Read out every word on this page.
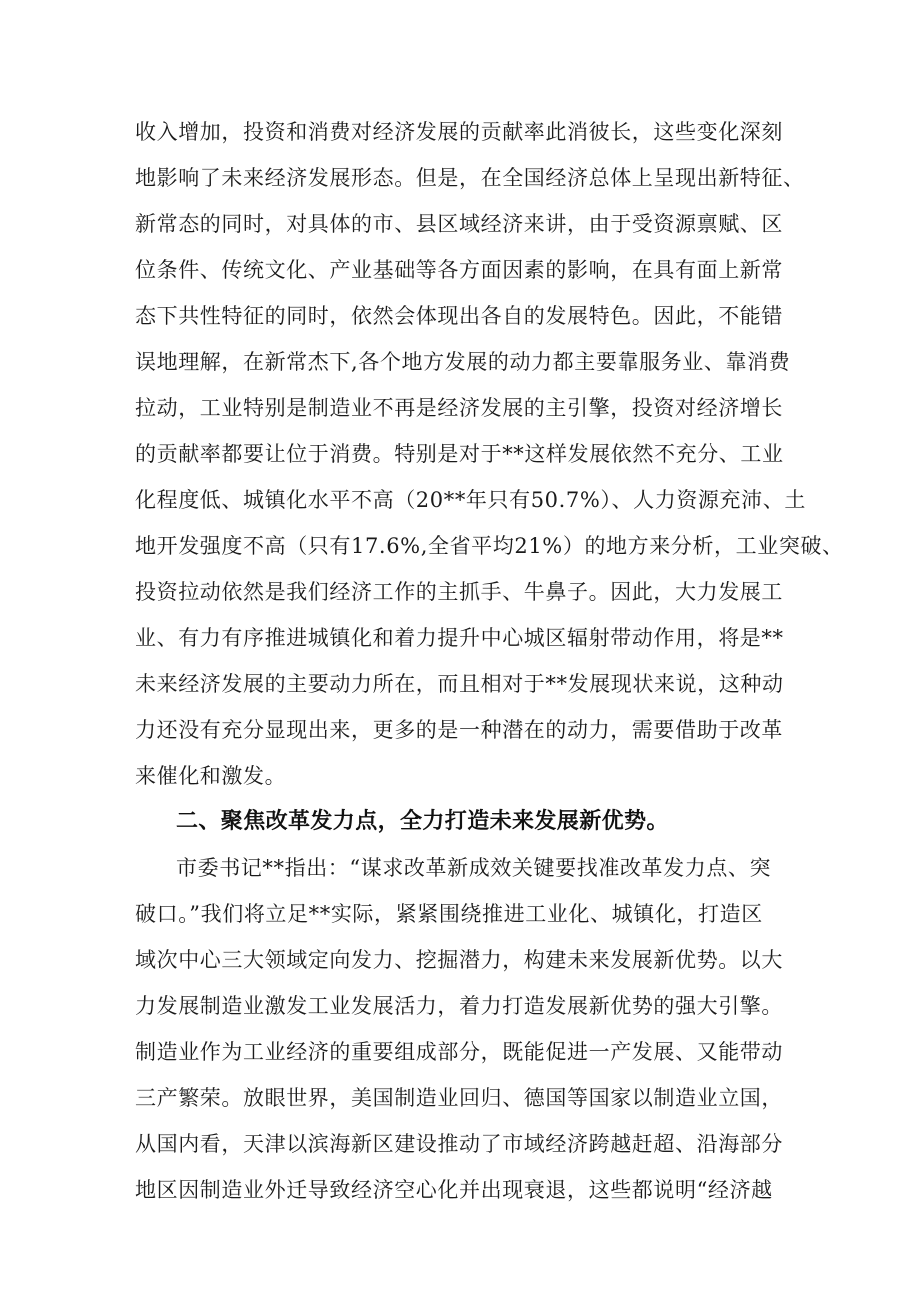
收入增加，投资和消费对经济发展的贡献率此消彼长，这些变化深刻
地影响了未来经济发展形态。但是，在全国经济总体上呈现出新特征、
新常态的同时，对具体的市、县区域经济来讲，由于受资源禀赋、区
位条件、传统文化、产业基础等各方面因素的影响，在具有面上新常
态下共性特征的同时，依然会体现出各自的发展特色。因此，不能错
误地理解，在新常杰下,各个地方发展的动力都主要靠服务业、靠消费
拉动，工业特别是制造业不再是经济发展的主引擎，投资对经济增长
的贡献率都要让位于消费。特别是对于**这样发展依然不充分、工业
化程度低、城镇化水平不高（20**年只有50.7%）、人力资源充沛、土
地开发强度不高（只有17.6%,全省平均21%）的地方来分析，工业突破、
投资拉动依然是我们经济工作的主抓手、牛鼻子。因此，大力发展工
业、有力有序推进城镇化和着力提升中心城区辐射带动作用，将是**
未来经济发展的主要动力所在，而且相对于**发展现状来说，这种动
力还没有充分显现出来，更多的是一种潜在的动力，需要借助于改革
来催化和激发。
二、聚焦改革发力点，全力打造未来发展新优势。
市委书记**指出：“谋求改革新成效关键要找准改革发力点、突
破口。”我们将立足**实际，紧紧围绕推进工业化、城镇化，打造区
域次中心三大领域定向发力、挖掘潜力，构建未来发展新优势。以大
力发展制造业激发工业发展活力，着力打造发展新优势的强大引擎。
制造业作为工业经济的重要组成部分，既能促进一产发展、又能带动
三产繁荣。放眼世界，美国制造业回归、德国等国家以制造业立国，
从国内看，天津以滨海新区建设推动了市域经济跨越赶超、沿海部分
地区因制造业外迁导致经济空心化并出现衰退，这些都说明“经济越
